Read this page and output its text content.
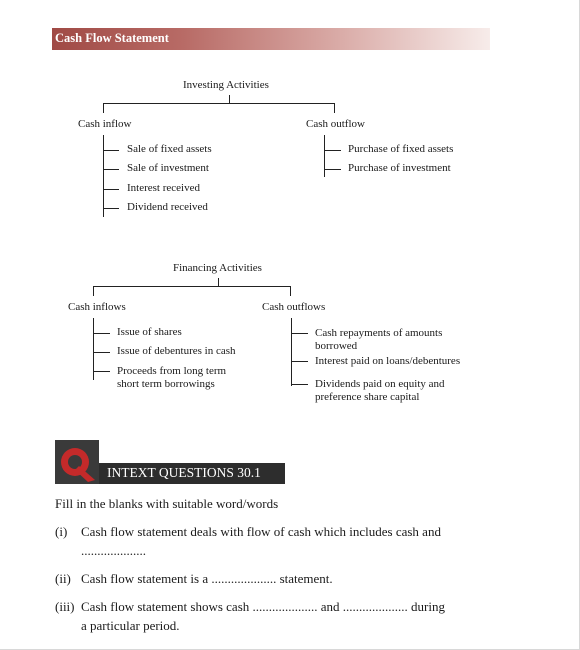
Cash Flow Statement
Investing Activities
Cash inflow	Cash outflow
Sale of fixed assets
Sale of investment
Interest received
Dividend received
Purchase of fixed assets
Purchase of investment
Financing Activities
Cash inflows	Cash outflows
Issue of shares
Issue of debentures in cash
Proceeds from long term short term borrowings
Cash repayments of amounts borrowed
Interest paid on loans/debentures
Dividends paid on equity and preference share capital
INTEXT QUESTIONS 30.1
Fill in the blanks with suitable word/words
(i) Cash flow statement deals with flow of cash which includes cash and
....................
(ii) Cash flow statement is a .................... statement.
(iii) Cash flow statement shows cash .................... and .................... during
a particular period.
